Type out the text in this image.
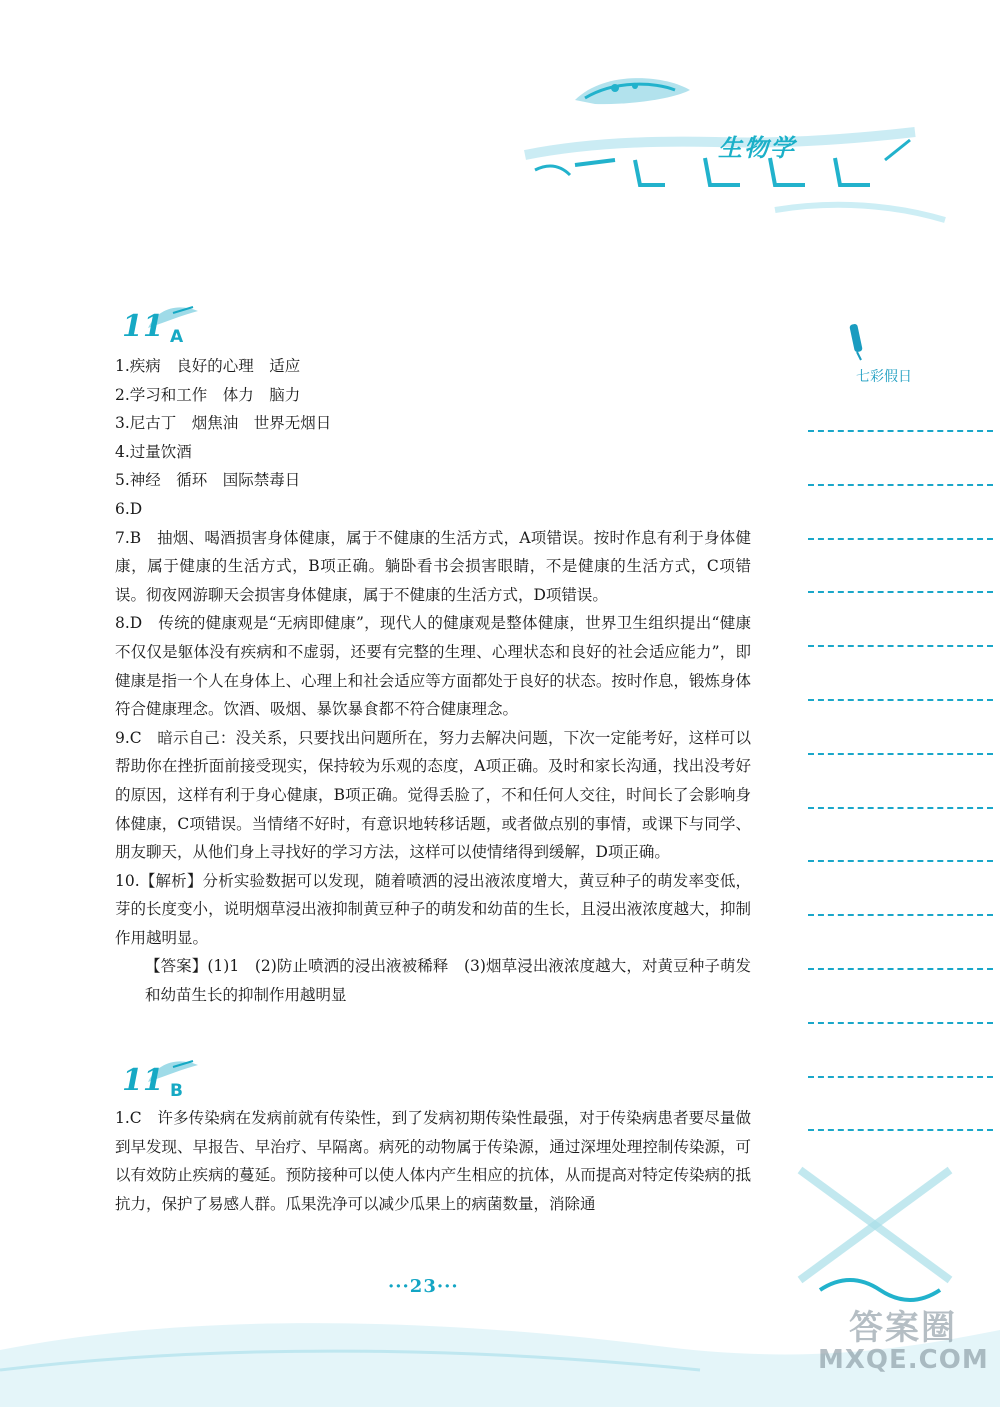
生物学
11 A

1.疾病　良好的心理　适应

2.学习和工作　体力　脑力

3.尼古丁　烟焦油　世界无烟日

4.过量饮酒

5.神经　循环　国际禁毒日

6.D

7.B　抽烟、喝酒损害身体健康，属于不健康的生活方式，A项错误。按时作息有利于身体健康，属于健康的生活方式，B项正确。躺卧看书会损害眼睛，不是健康的生活方式，C项错误。彻夜网游聊天会损害身体健康，属于不健康的生活方式，D项错误。

8.D　传统的健康观是“无病即健康”，现代人的健康观是整体健康，世界卫生组织提出“健康不仅仅是躯体没有疾病和不虚弱，还要有完整的生理、心理状态和良好的社会适应能力”，即健康是指一个人在身体上、心理上和社会适应等方面都处于良好的状态。按时作息，锻炼身体符合健康理念。饮酒、吸烟、暴饮暴食都不符合健康理念。

9.C　暗示自己：没关系，只要找出问题所在，努力去解决问题，下次一定能考好，这样可以帮助你在挫折面前接受现实，保持较为乐观的态度，A项正确。及时和家长沟通，找出没考好的原因，这样有利于身心健康，B项正确。觉得丢脸了，不和任何人交往，时间长了会影响身体健康，C项错误。当情绪不好时，有意识地转移话题，或者做点别的事情，或课下与同学、朋友聊天，从他们身上寻找好的学习方法，这样可以使情绪得到缓解，D项正确。

10.【解析】分析实验数据可以发现，随着喷洒的浸出液浓度增大，黄豆种子的萌发率变低，芽的长度变小，说明烟草浸出液抑制黄豆种子的萌发和幼苗的生长，且浸出液浓度越大，抑制作用越明显。

【答案】(1)1　(2)防止喷洒的浸出液被稀释　(3)烟草浸出液浓度越大，对黄豆种子萌发和幼苗生长的抑制作用越明显

11 B

1.C　许多传染病在发病前就有传染性，到了发病初期传染性最强，对于传染病患者要尽量做到早发现、早报告、早治疗、早隔离。病死的动物属于传染源，通过深埋处理控制传染源，可以有效防止疾病的蔓延。预防接种可以使人体内产生相应的抗体，从而提高对特定传染病的抵抗力，保护了易感人群。瓜果洗净可以减少瓜果上的病菌数量，消除通

七彩假日
···23···
答案圈
MXQE.COM
